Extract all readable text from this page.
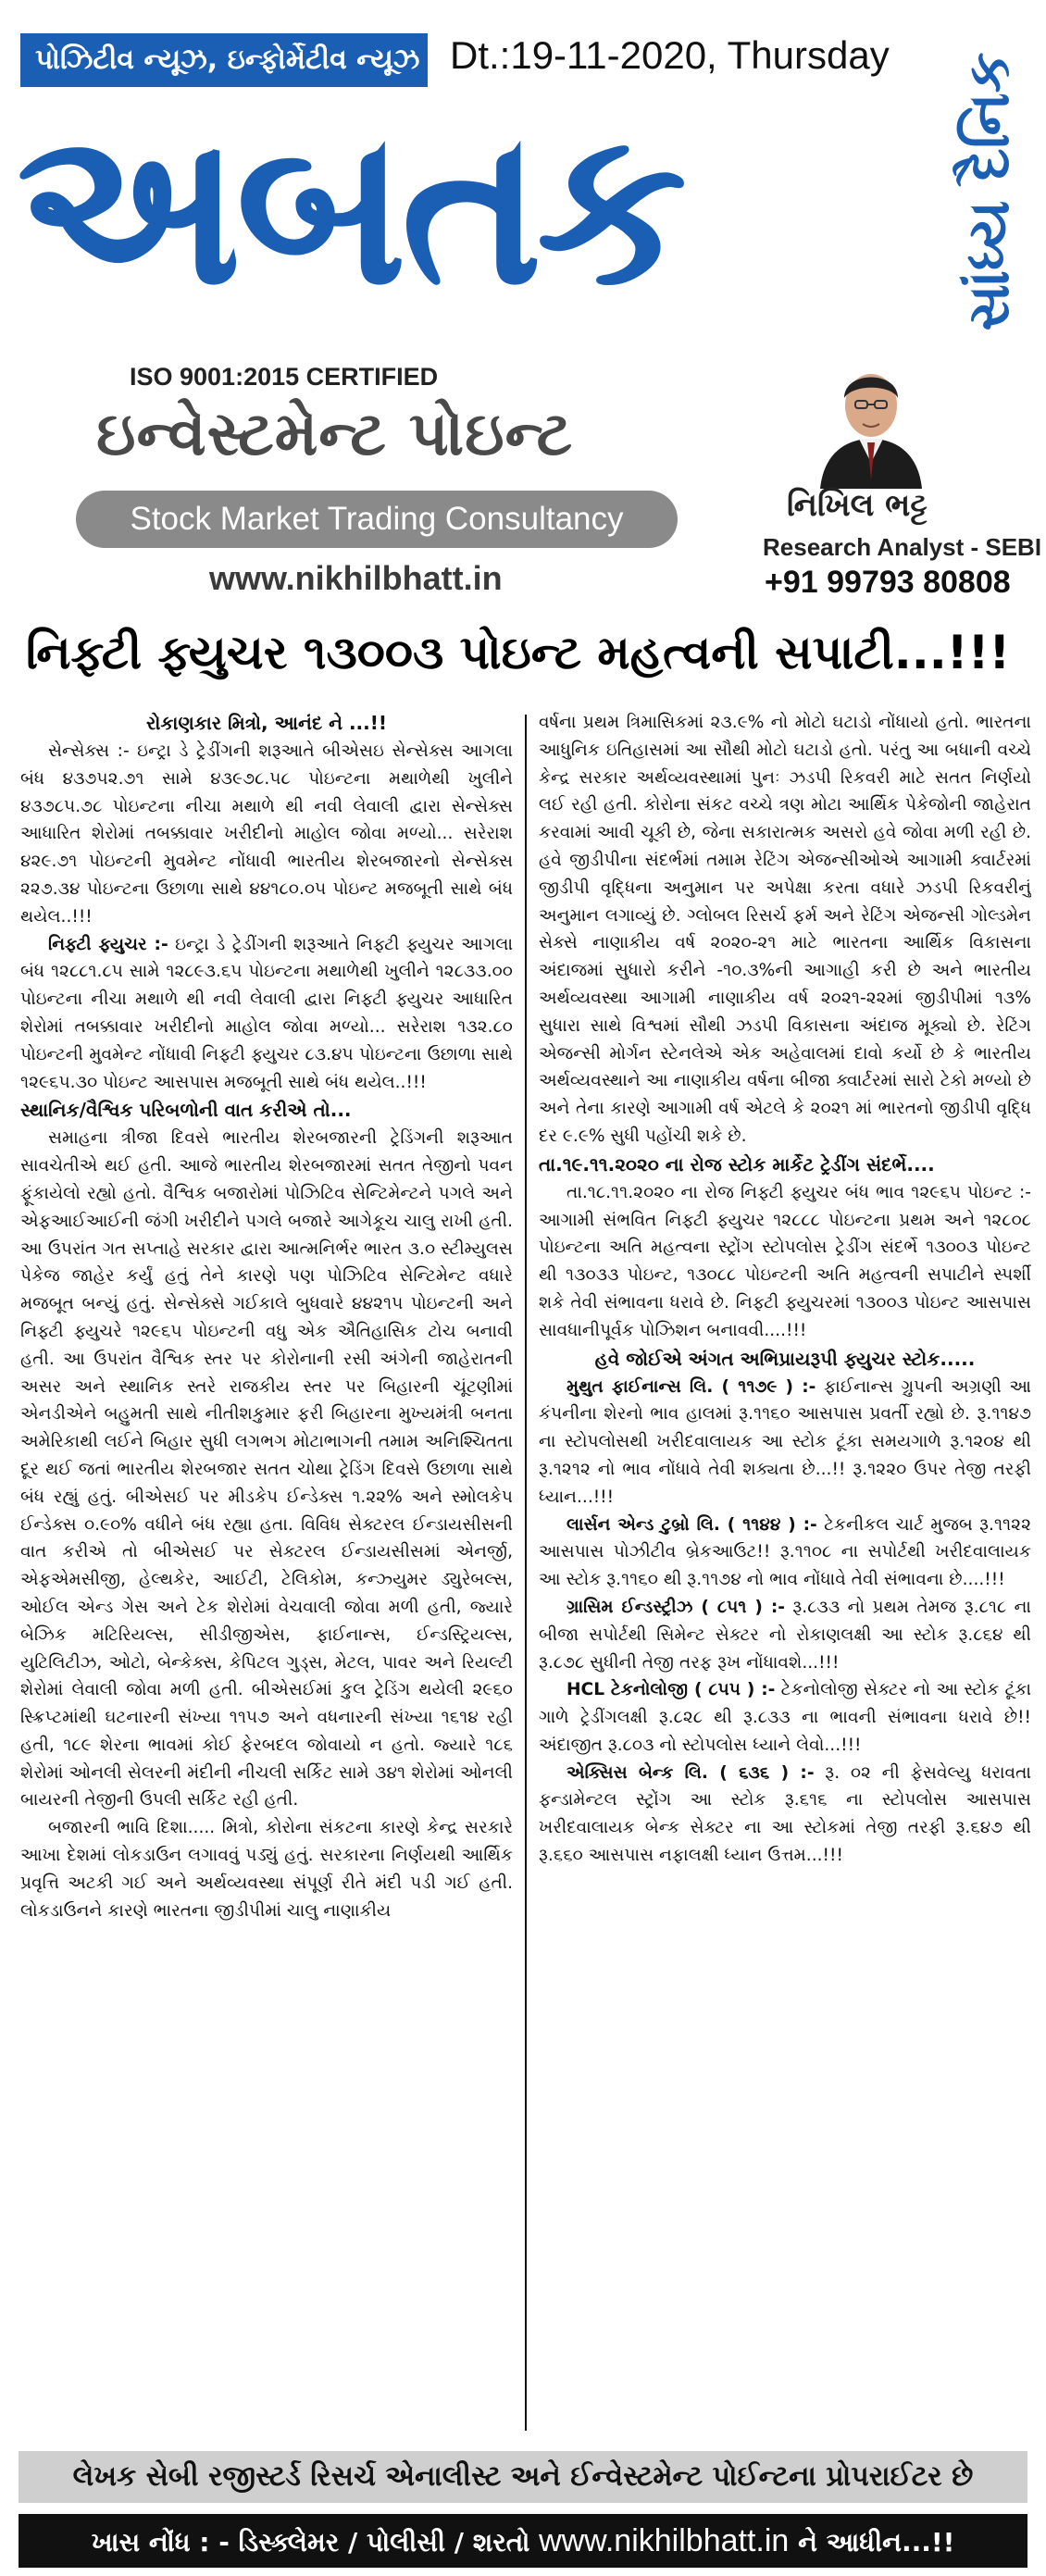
પોઝિટીવ ન્યૂઝ, ઇન્ફોર્મેટીવ ન્યૂઝ Dt.:19-11-2020, Thursday
અબતક	સાંધ્ય દૈનિક
ISO 9001:2015 CERTIFIED
ઇન્વેસ્ટમેન્ટ પોઇન્ટ
Stock Market Trading Consultancy
www.nikhilbhatt.in
નિખિલ ભટ્ટ
Research Analyst - SEBI
+91 99793 80808
નિફ્ટી ફ્યુચર ૧૩૦૦૩ પોઇન્ટ મહત્વની સપાટી...!!!
રોકાણકાર મિત્રો, આનંદ ને ...!!

સેન્સેક્સ :- ઇન્ટ્રા ડે ટ્રેડીંગની શરૂઆતે બીએસઇ સેન્સેક્સ આગલા બંધ ૪૩૭૫૨.૭૧ સામે ૪૩૯૭૮.૫૮ પોઇન્ટના મથાળેથી ખુલીને ૪૩૭૮૫.૭૮ પોઇન્ટના નીચા મથાળે થી નવી લેવાલી દ્વારા સેન્સેક્સ આધારિત શેરોમાં તબક્કાવાર ખરીદીનો માહોલ જોવા મળ્યો... સરેરાશ ૪૨૯.૭૧ પોઇન્ટની મુવમેન્ટ નોંધાવી ભારતીય શેરબજારનો સેન્સેક્સ ૨૨૭.૩૪ પોઇન્ટના ઉછાળા સાથે ૪૪૧૮૦.૦૫ પોઇન્ટ મજબૂતી સાથે બંધ થયેલ..!!!

નિફ્ટી ફ્યુચર :- ઇન્ટ્રા ડે ટ્રેડીંગની શરૂઆતે નિફ્ટી ફ્યુચર આગલા બંધ ૧૨૮૮૧.૮૫ સામે ૧૨૮૯૩.૬૫ પોઇન્ટના મથાળેથી ખુલીને ૧૨૮૩૩.૦૦ પોઇન્ટના નીચા મથાળે થી નવી લેવાલી દ્વારા નિફ્ટી ફ્યુચર આધારિત શેરોમાં તબક્કાવાર ખરીદીનો માહોલ જોવા મળ્યો... સરેરાશ ૧૩૨.૮૦ પોઇન્ટની મુવમેન્ટ નોંધાવી નિફ્ટી ફ્યુચર ૮૩.૪૫ પોઇન્ટના ઉછાળા સાથે ૧૨૯૬૫.૩૦ પોઇન્ટ આસપાસ મજબૂતી સાથે બંધ થયેલ..!!!

સ્થાનિક/વૈશ્વિક પરિબળોની વાત કરીએ તો...

સમાહના ત્રીજા દિવસે ભારતીય શેરબજારની ટ્રેડિંગની શરૂઆત સાવચેતીએ થઈ હતી. આજે ભારતીય શેરબજારમાં સતત તેજીનો પવન ફૂંકાયેલો રહ્યો હતો. વૈશ્વિક બજારોમાં પોઝિટિવ સેન્ટિમેન્ટને પગલે અને એફઆઈઆઈની જંગી ખરીદીને પગલે બજારે આગેકૂચ ચાલુ રાખી હતી. આ ઉપરાંત ગત સપ્તાહે સરકાર દ્વારા આત્મનિર્ભર ભારત ૩.૦ સ્ટીમ્યુલસ પેકેજ જાહેર કર્યું હતું તેને કારણે પણ પોઝિટિવ સેન્ટિમેન્ટ વધારે મજબૂત બન્યું હતું. સેન્સેક્સે ગઈકાલે બુધવારે ૪૪૨૧૫ પોઇન્ટની અને નિફ્ટી ફ્યુચરે ૧૨૯૬૫ પોઇન્ટની વધુ એક ઐતિહાસિક ટોચ બનાવી હતી. આ ઉપરાંત વૈશ્વિક સ્તર પર કોરોનાની રસી અંગેની જાહેરાતની અસર અને સ્થાનિક સ્તરે રાજકીય સ્તર પર બિહારની ચૂંટણીમાં એનડીએને બહુમતી સાથે નીતીશકુમાર ફરી બિહારના મુખ્યમંત્રી બનતા અમેરિકાથી લઈને બિહાર સુધી લગભગ મોટાભાગની તમામ અનિશ્ચિતતા દૂર થઈ જતાં ભારતીય શેરબજાર સતત ચોથા ટ્રેડિંગ દિવસે ઉછાળા સાથે બંધ રહ્યું હતું. બીએસઈ પર મીડકેપ ઈન્ડેક્સ ૧.૨૨% અને સ્મોલકેપ ઈન્ડેક્સ ૦.૯૦% વધીને બંધ રહ્યા હતા. વિવિધ સેક્ટરલ ઈન્ડાયસીસની વાત કરીએ તો બીએસઈ પર સેક્ટરલ ઈન્ડાયસીસમાં એનર્જી, એફએમસીજી, હેલ્થકેર, આઈટી, ટેલિકોમ, કન્ઝ્યુમર ડ્યુરેબલ્સ, ઓઈલ એન્ડ ગેસ અને ટેક શેરોમાં વેચવાલી જોવા મળી હતી, જ્યારે બેઝિક મટિરિયલ્સ, સીડીજીએસ, ફાઈનાન્સ, ઈન્ડસ્ટ્રિયલ્સ, યુટિલિટીઝ, ઓટો, બેન્કેક્સ, કેપિટલ ગુડ્સ, મેટલ, પાવર અને રિયલ્ટી શેરોમાં લેવાલી જોવા મળી હતી. બીએસઈમાં કુલ ટ્રેડિંગ થયેલી ૨૯૬૦ સ્ક્રિપ્ટમાંથી ઘટનારની સંખ્યા ૧૧૫૭ અને વધનારની સંખ્યા ૧૬૧૪ રહી હતી, ૧૮૯ શેરના ભાવમાં કોઈ ફેરબદલ જોવાયો ન હતો. જ્યારે ૧૮૬ શેરોમાં ઓનલી સેલરની મંદીની નીચલી સર્કિટ સામે ૩૪૧ શેરોમાં ઓનલી બાયરની તેજીની ઉપલી સર્કિટ રહી હતી.

બજારની ભાવિ દિશા..... મિત્રો, કોરોના સંકટના કારણે કેન્દ્ર સરકારે આખા દેશમાં લોકડાઉન લગાવવું પડ્યું હતું. સરકારના નિર્ણયથી આર્થિક પ્રવૃત્તિ અટકી ગઈ અને અર્થવ્યવસ્થા સંપૂર્ણ રીતે મંદી પડી ગઈ હતી. લોકડાઉનને કારણે ભારતના જીડીપીમાં ચાલુ નાણાકીય

વર્ષના પ્રથમ ત્રિમાસિકમાં ૨૩.૯% નો મોટો ઘટાડો નોંધાયો હતો. ભારતના આધુનિક ઇતિહાસમાં આ સૌથી મોટો ઘટાડો હતો. પરંતુ આ બધાની વચ્ચે કેન્દ્ર સરકાર અર્થવ્યવસ્થામાં પુનઃ ઝડપી રિકવરી માટે સતત નિર્ણયો લઈ રહી હતી. કોરોના સંકટ વચ્ચે ત્રણ મોટા આર્થિક પેકેજોની જાહેરાત કરવામાં આવી ચૂકી છે, જેના સકારાત્મક અસરો હવે જોવા મળી રહી છે. હવે જીડીપીના સંદર્ભમાં તમામ રેટિંગ એજન્સીઓએ આગામી ક્વાર્ટરમાં જીડીપી વૃદ્ધિના અનુમાન પર અપેક્ષા કરતા વધારે ઝડપી રિકવરીનું અનુમાન લગાવ્યું છે. ગ્લોબલ રિસર્ચ ફર્મ અને રેટિંગ એજન્સી ગોલ્ડમેન સેક્સે નાણાકીય વર્ષ ૨૦૨૦-૨૧ માટે ભારતના આર્થિક વિકાસના અંદાજમાં સુધારો કરીને -૧૦.૩%ની આગાહી કરી છે અને ભારતીય અર્થવ્યવસ્થા આગામી નાણાકીય વર્ષ ૨૦૨૧-૨૨માં જીડીપીમાં ૧૩% સુધારા સાથે વિશ્વમાં સૌથી ઝડપી વિકાસના અંદાજ મૂક્યો છે. રેટિંગ એજન્સી મોર્ગન સ્ટેનલેએ એક અહેવાલમાં દાવો કર્યો છે કે ભારતીય અર્થવ્યવસ્થાને આ નાણાકીય વર્ષના બીજા ક્વાર્ટરમાં સારો ટેકો મળ્યો છે અને તેના કારણે આગામી વર્ષ એટલે કે ૨૦૨૧ માં ભારતનો જીડીપી વૃદ્ધિ દર ૯.૯% સુધી પહોંચી શકે છે.

તા.૧૯.૧૧.૨૦૨૦ ના રોજ સ્ટોક માર્કેટ ટ્રેડીંગ સંદર્ભે....

તા.૧૮.૧૧.૨૦૨૦ ના રોજ નિફ્ટી ફ્યુચર બંધ ભાવ ૧૨૯૬૫ પોઇન્ટ :- આગામી સંભવિત નિફ્ટી ફ્યુચર ૧૨૮૮૮ પોઇન્ટના પ્રથમ અને ૧૨૮૦૮ પોઇન્ટના અતિ મહત્વના સ્ટ્રોંગ સ્ટોપલોસ ટ્રેડીંગ સંદર્ભે ૧૩૦૦૩ પોઇન્ટ થી ૧૩૦૩૩ પોઇન્ટ, ૧૩૦૮૮ પોઇન્ટની અતિ મહત્વની સપાટીને સ્પર્શી શકે તેવી સંભાવના ધરાવે છે. નિફ્ટી ફ્યુચરમાં ૧૩૦૦૩ પોઇન્ટ આસપાસ સાવધાનીપૂર્વક પોઝિશન બનાવવી....!!!

હવે જોઈએ અંગત અભિપ્રાયરૂપી ફ્યુચર સ્ટોક.....

મુથુત ફાઈનાન્સ લિ. ( ૧૧૭૯ ) :- ફાઈનાન્સ ગ્રુપની અગ્રણી આ કંપનીના શેરનો ભાવ હાલમાં રૂ.૧૧૬૦ આસપાસ પ્રવર્તી રહ્યો છે. રૂ.૧૧૪૭ ના સ્ટોપલોસથી ખરીદવાલાયક આ સ્ટોક ટૂંકા સમયગાળે રૂ.૧૨૦૪ થી રૂ.૧૨૧૨ નો ભાવ નોંધાવે તેવી શક્યતા છે...!! રૂ.૧૨૨૦ ઉપર તેજી તરફી ધ્યાન...!!!

લાર્સન એન્ડ ટુબ્રો લિ. ( ૧૧૪૪ ) :- ટેકનીકલ ચાર્ટ મુજબ રૂ.૧૧૨૨ આસપાસ પોઝીટીવ બ્રેકઆઉટ!! રૂ.૧૧૦૮ ના સપોર્ટથી ખરીદવાલાયક આ સ્ટોક રૂ.૧૧૬૦ થી રૂ.૧૧૭૪ નો ભાવ નોંધાવે તેવી સંભાવના છે....!!!

ગ્રાસિમ ઈન્ડસ્ટ્રીઝ ( ૮૫૧ ) :- રૂ.૮૩૩ નો પ્રથમ તેમજ રૂ.૮૧૮ ના બીજા સપોર્ટથી સિમેન્ટ સેક્ટર નો રોકાણલક્ષી આ સ્ટોક રૂ.૮૬૪ થી રૂ.૮૭૮ સુધીની તેજી તરફ રૂખ નોંધાવશે...!!!

HCL ટેકનોલોજી ( ૮૫૫ ) :- ટેકનોલોજી સેક્ટર નો આ સ્ટોક ટૂંકા ગાળે ટ્રેડીંગલક્ષી રૂ.૮૨૮ થી રૂ.૮૩૩ ના ભાવની સંભાવના ધરાવે છે!! અંદાજીત રૂ.૮૦૩ નો સ્ટોપલોસ ધ્યાને લેવો...!!!

એક્સિસ બેન્ક લિ. ( ૬૩૬ ) :- રૂ. ૦૨ ની ફેસવેલ્યુ ધરાવતા ફન્ડામેન્ટલ સ્ટ્રોંગ આ સ્ટોક રૂ.૬૧૬ ના સ્ટોપલોસ આસપાસ ખરીદવાલાયક બેન્ક સેક્ટર ના આ સ્ટોકમાં તેજી તરફી રૂ.૬૪૭ થી રૂ.૬૬૦ આસપાસ નફાલક્ષી ધ્યાન ઉત્તમ...!!!

લેખક સેબી રજીસ્ટર્ડ રિસર્ચ એનાલીસ્ટ અને ઈન્વેસ્ટમેન્ટ પોઈન્ટના પ્રોપરાઈટર છે
ખાસ નોંધ : - ડિસ્ક્લેમર / પોલીસી / શરતો www.nikhilbhatt.in ને આધીન...!!
